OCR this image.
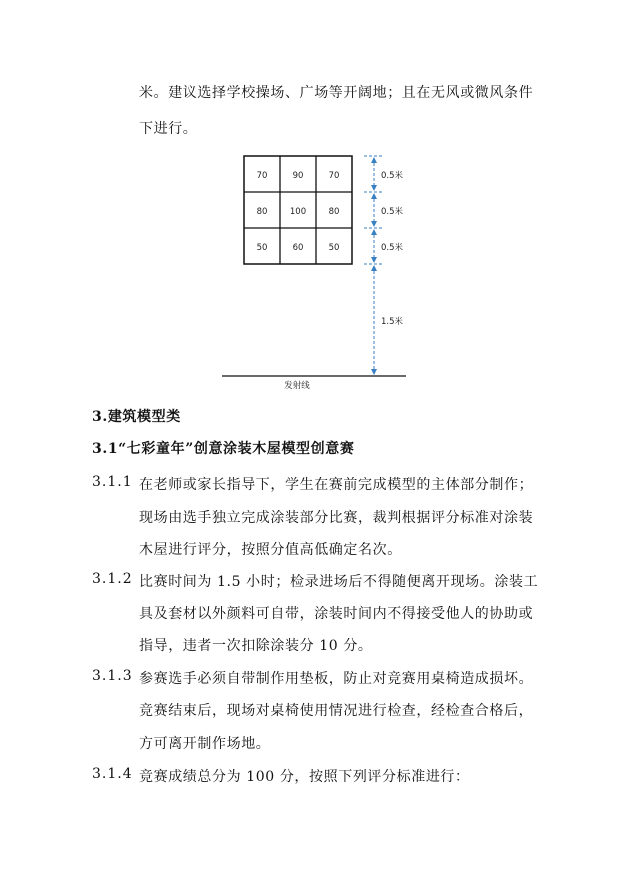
米。建议选择学校操场、广场等开阔地；且在无风或微风条件
下进行。
70	90	70
80	100	80
50	60	50
0.5米
0.5米
0.5米
1.5米
发射线
3.建筑模型类
3.1“七彩童年”创意涂装木屋模型创意赛
3.1.1 在老师或家长指导下，学生在赛前完成模型的主体部分制作；
现场由选手独立完成涂装部分比赛，裁判根据评分标准对涂装
木屋进行评分，按照分值高低确定名次。
3.1.2 比赛时间为 1.5 小时；检录进场后不得随便离开现场。涂装工
具及套材以外颜料可自带，涂装时间内不得接受他人的协助或
指导，违者一次扣除涂装分 10 分。
3.1.3 参赛选手必须自带制作用垫板，防止对竞赛用桌椅造成损坏。
竞赛结束后，现场对桌椅使用情况进行检查，经检查合格后，
方可离开制作场地。
3.1.4 竞赛成绩总分为 100 分，按照下列评分标准进行：
